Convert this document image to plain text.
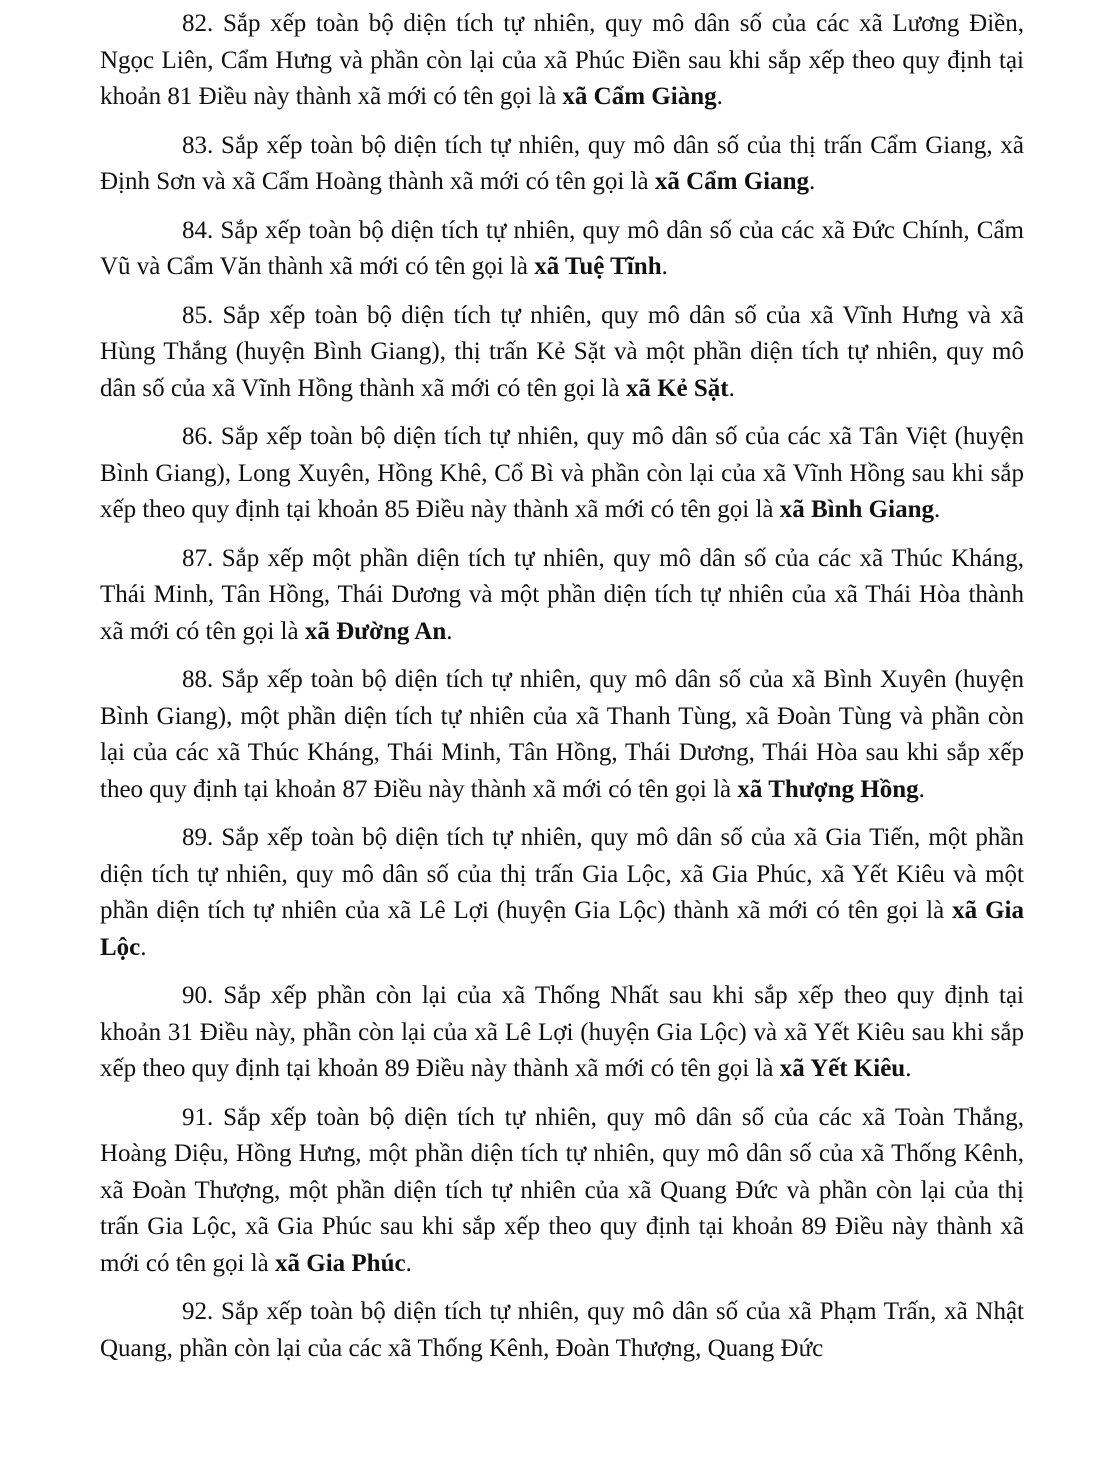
82. Sắp xếp toàn bộ diện tích tự nhiên, quy mô dân số của các xã Lương Điền, Ngọc Liên, Cẩm Hưng và phần còn lại của xã Phúc Điền sau khi sắp xếp theo quy định tại khoản 81 Điều này thành xã mới có tên gọi là xã Cẩm Giàng.

83. Sắp xếp toàn bộ diện tích tự nhiên, quy mô dân số của thị trấn Cẩm Giang, xã Định Sơn và xã Cẩm Hoàng thành xã mới có tên gọi là xã Cẩm Giang.

84. Sắp xếp toàn bộ diện tích tự nhiên, quy mô dân số của các xã Đức Chính, Cẩm Vũ và Cẩm Văn thành xã mới có tên gọi là xã Tuệ Tĩnh.

85. Sắp xếp toàn bộ diện tích tự nhiên, quy mô dân số của xã Vĩnh Hưng và xã Hùng Thắng (huyện Bình Giang), thị trấn Kẻ Sặt và một phần diện tích tự nhiên, quy mô dân số của xã Vĩnh Hồng thành xã mới có tên gọi là xã Kẻ Sặt.

86. Sắp xếp toàn bộ diện tích tự nhiên, quy mô dân số của các xã Tân Việt (huyện Bình Giang), Long Xuyên, Hồng Khê, Cổ Bì và phần còn lại của xã Vĩnh Hồng sau khi sắp xếp theo quy định tại khoản 85 Điều này thành xã mới có tên gọi là xã Bình Giang.

87. Sắp xếp một phần diện tích tự nhiên, quy mô dân số của các xã Thúc Kháng, Thái Minh, Tân Hồng, Thái Dương và một phần diện tích tự nhiên của xã Thái Hòa thành xã mới có tên gọi là xã Đường An.

88. Sắp xếp toàn bộ diện tích tự nhiên, quy mô dân số của xã Bình Xuyên (huyện Bình Giang), một phần diện tích tự nhiên của xã Thanh Tùng, xã Đoàn Tùng và phần còn lại của các xã Thúc Kháng, Thái Minh, Tân Hồng, Thái Dương, Thái Hòa sau khi sắp xếp theo quy định tại khoản 87 Điều này thành xã mới có tên gọi là xã Thượng Hồng.

89. Sắp xếp toàn bộ diện tích tự nhiên, quy mô dân số của xã Gia Tiến, một phần diện tích tự nhiên, quy mô dân số của thị trấn Gia Lộc, xã Gia Phúc, xã Yết Kiêu và một phần diện tích tự nhiên của xã Lê Lợi (huyện Gia Lộc) thành xã mới có tên gọi là xã Gia Lộc.

90. Sắp xếp phần còn lại của xã Thống Nhất sau khi sắp xếp theo quy định tại khoản 31 Điều này, phần còn lại của xã Lê Lợi (huyện Gia Lộc) và xã Yết Kiêu sau khi sắp xếp theo quy định tại khoản 89 Điều này thành xã mới có tên gọi là xã Yết Kiêu.

91. Sắp xếp toàn bộ diện tích tự nhiên, quy mô dân số của các xã Toàn Thắng, Hoàng Diệu, Hồng Hưng, một phần diện tích tự nhiên, quy mô dân số của xã Thống Kênh, xã Đoàn Thượng, một phần diện tích tự nhiên của xã Quang Đức và phần còn lại của thị trấn Gia Lộc, xã Gia Phúc sau khi sắp xếp theo quy định tại khoản 89 Điều này thành xã mới có tên gọi là xã Gia Phúc.

92. Sắp xếp toàn bộ diện tích tự nhiên, quy mô dân số của xã Phạm Trấn, xã Nhật Quang, phần còn lại của các xã Thống Kênh, Đoàn Thượng, Quang Đức
